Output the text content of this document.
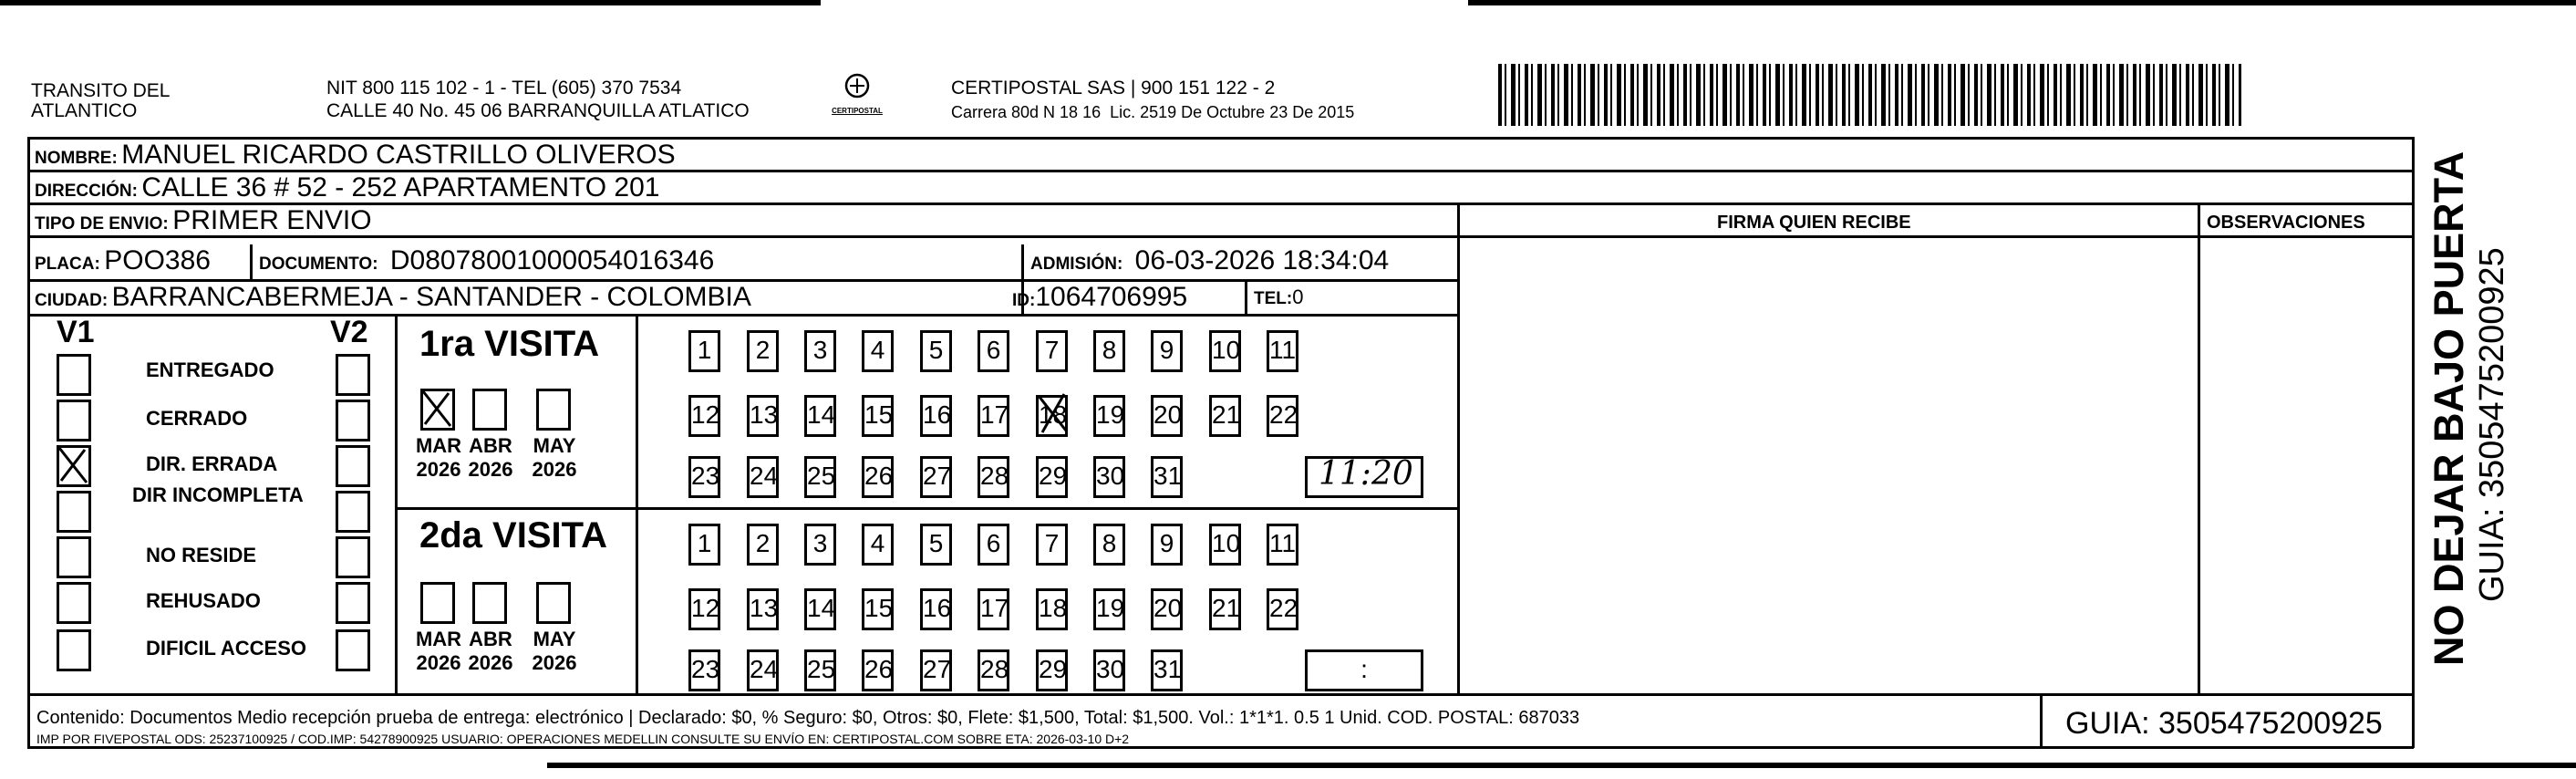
TRANSITO DEL
ATLANTICO
NIT 800 115 102 - 1 - TEL (605) 370 7534
CALLE 40 No. 45 06 BARRANQUILLA ATLATICO	CERTIPOSTAL
CERTIPOSTAL SAS | 900 151 122 - 2
Carrera 80d N 18 16  Lic. 2519 De Octubre 23 De 2015
NOMBRE: MANUEL RICARDO CASTRILLO OLIVEROS
DIRECCIÓN: CALLE 36 # 52 - 252 APARTAMENTO 201
TIPO DE ENVIO: PRIMER ENVIO
PLACA: POO386	DOCUMENTO: D08078001000054016346	ADMISIÓN: 06-03-2026 18:34:04
CIUDAD: BARRANCABERMEJA - SANTANDER - COLOMBIA	ID:1064706995	TEL:0
FIRMA QUIEN RECIBE	OBSERVACIONES
V1	V2
ENTREGADO
CERRADO
DIR. ERRADA
DIR INCOMPLETA
NO RESIDE
REHUSADO
DIFICIL ACCESO
1ra VISITA
MAR
2026
ABR
2026
MAY
2026
1	2	3	4	5	6	7	8	9	10 11
12 13 14 15 16 17 18 19 20 21 22
23 24 25 26 27 28 29 30 31	11:20
2da VISITA
MAR
2026
ABR
2026
MAY
2026
1	2	3	4	5	6	7	8	9	10 11
12 13 14 15 16 17 18 19 20 21 22
23 24 25 26 27 28 29 30 31	:
Contenido: Documentos Medio recepción prueba de entrega: electrónico | Declarado: $0, % Seguro: $0, Otros: $0, Flete: $1,500, Total: $1,500. Vol.: 1*1*1. 0.5 1 Unid. COD. POSTAL: 687033
IMP POR FIVEPOSTAL ODS: 25237100925 / COD.IMP: 54278900925 USUARIO: OPERACIONES MEDELLIN CONSULTE SU ENVÍO EN: CERTIPOSTAL.COM SOBRE ETA: 2026-03-10 D+2	GUIA: 3505475200925
NO DEJAR BAJO PUERTA GUIA: 3505475200925
